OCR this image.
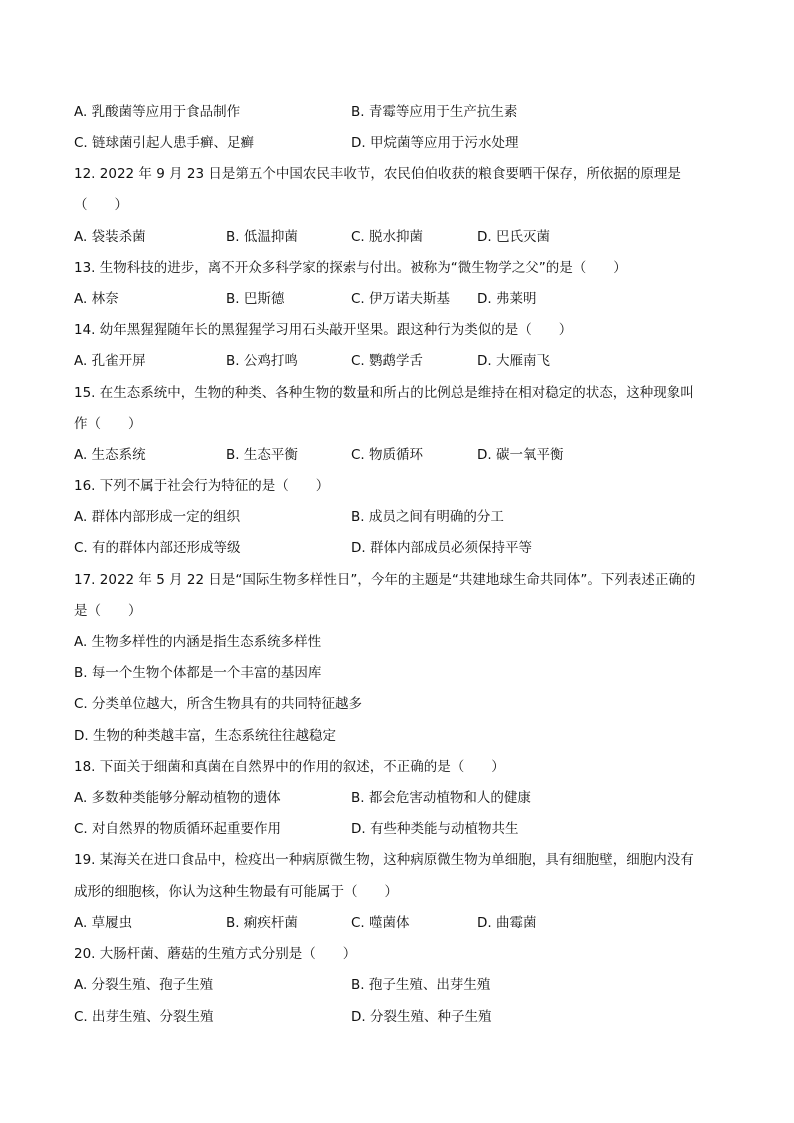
A. 乳酸菌等应用于食品制作	B. 青霉等应用于生产抗生素
C. 链球菌引起人患手癣、足癣	D. 甲烷菌等应用于污水处理
12. 2022 年 9 月 23 日是第五个中国农民丰收节，农民伯伯收获的粮食要晒干保存，所依据的原理是
（　　）
A. 袋装杀菌	B. 低温抑菌	C. 脱水抑菌	D. 巴氏灭菌
13. 生物科技的进步，离不开众多科学家的探索与付出。被称为“微生物学之父”的是（　　）
A. 林奈	B. 巴斯德	C. 伊万诺夫斯基 D. 弗莱明
14. 幼年黑猩猩随年长的黑猩猩学习用石头敲开坚果。跟这种行为类似的是（　　）
A. 孔雀开屏	B. 公鸡打鸣	C. 鹦鹉学舌	D. 大雁南飞
15. 在生态系统中，生物的种类、各种生物的数量和所占的比例总是维持在相对稳定的状态，这种现象叫
作（　　）
A. 生态系统	B. 生态平衡	C. 物质循环	D. 碳一氧平衡
16. 下列不属于社会行为特征的是（　　）
A. 群体内部形成一定的组织	B. 成员之间有明确的分工
C. 有的群体内部还形成等级	D. 群体内部成员必须保持平等
17. 2022 年 5 月 22 日是“国际生物多样性日”，今年的主题是“共建地球生命共同体”。下列表述正确的
是（　　）
A. 生物多样性的内涵是指生态系统多样性
B. 每一个生物个体都是一个丰富的基因库
C. 分类单位越大，所含生物具有的共同特征越多
D. 生物的种类越丰富，生态系统往往越稳定
18. 下面关于细菌和真菌在自然界中的作用的叙述，不正确的是（　　）
A. 多数种类能够分解动植物的遗体	B. 都会危害动植物和人的健康
C. 对自然界的物质循环起重要作用	D. 有些种类能与动植物共生
19. 某海关在进口食品中，检疫出一种病原微生物，这种病原微生物为单细胞，具有细胞壁，细胞内没有
成形的细胞核，你认为这种生物最有可能属于（　　）
A. 草履虫	B. 痢疾杆菌	C. 噬菌体	D. 曲霉菌
20. 大肠杆菌、蘑菇的生殖方式分别是（　　）
A. 分裂生殖、孢子生殖	B. 孢子生殖、出芽生殖
C. 出芽生殖、分裂生殖	D. 分裂生殖、种子生殖
